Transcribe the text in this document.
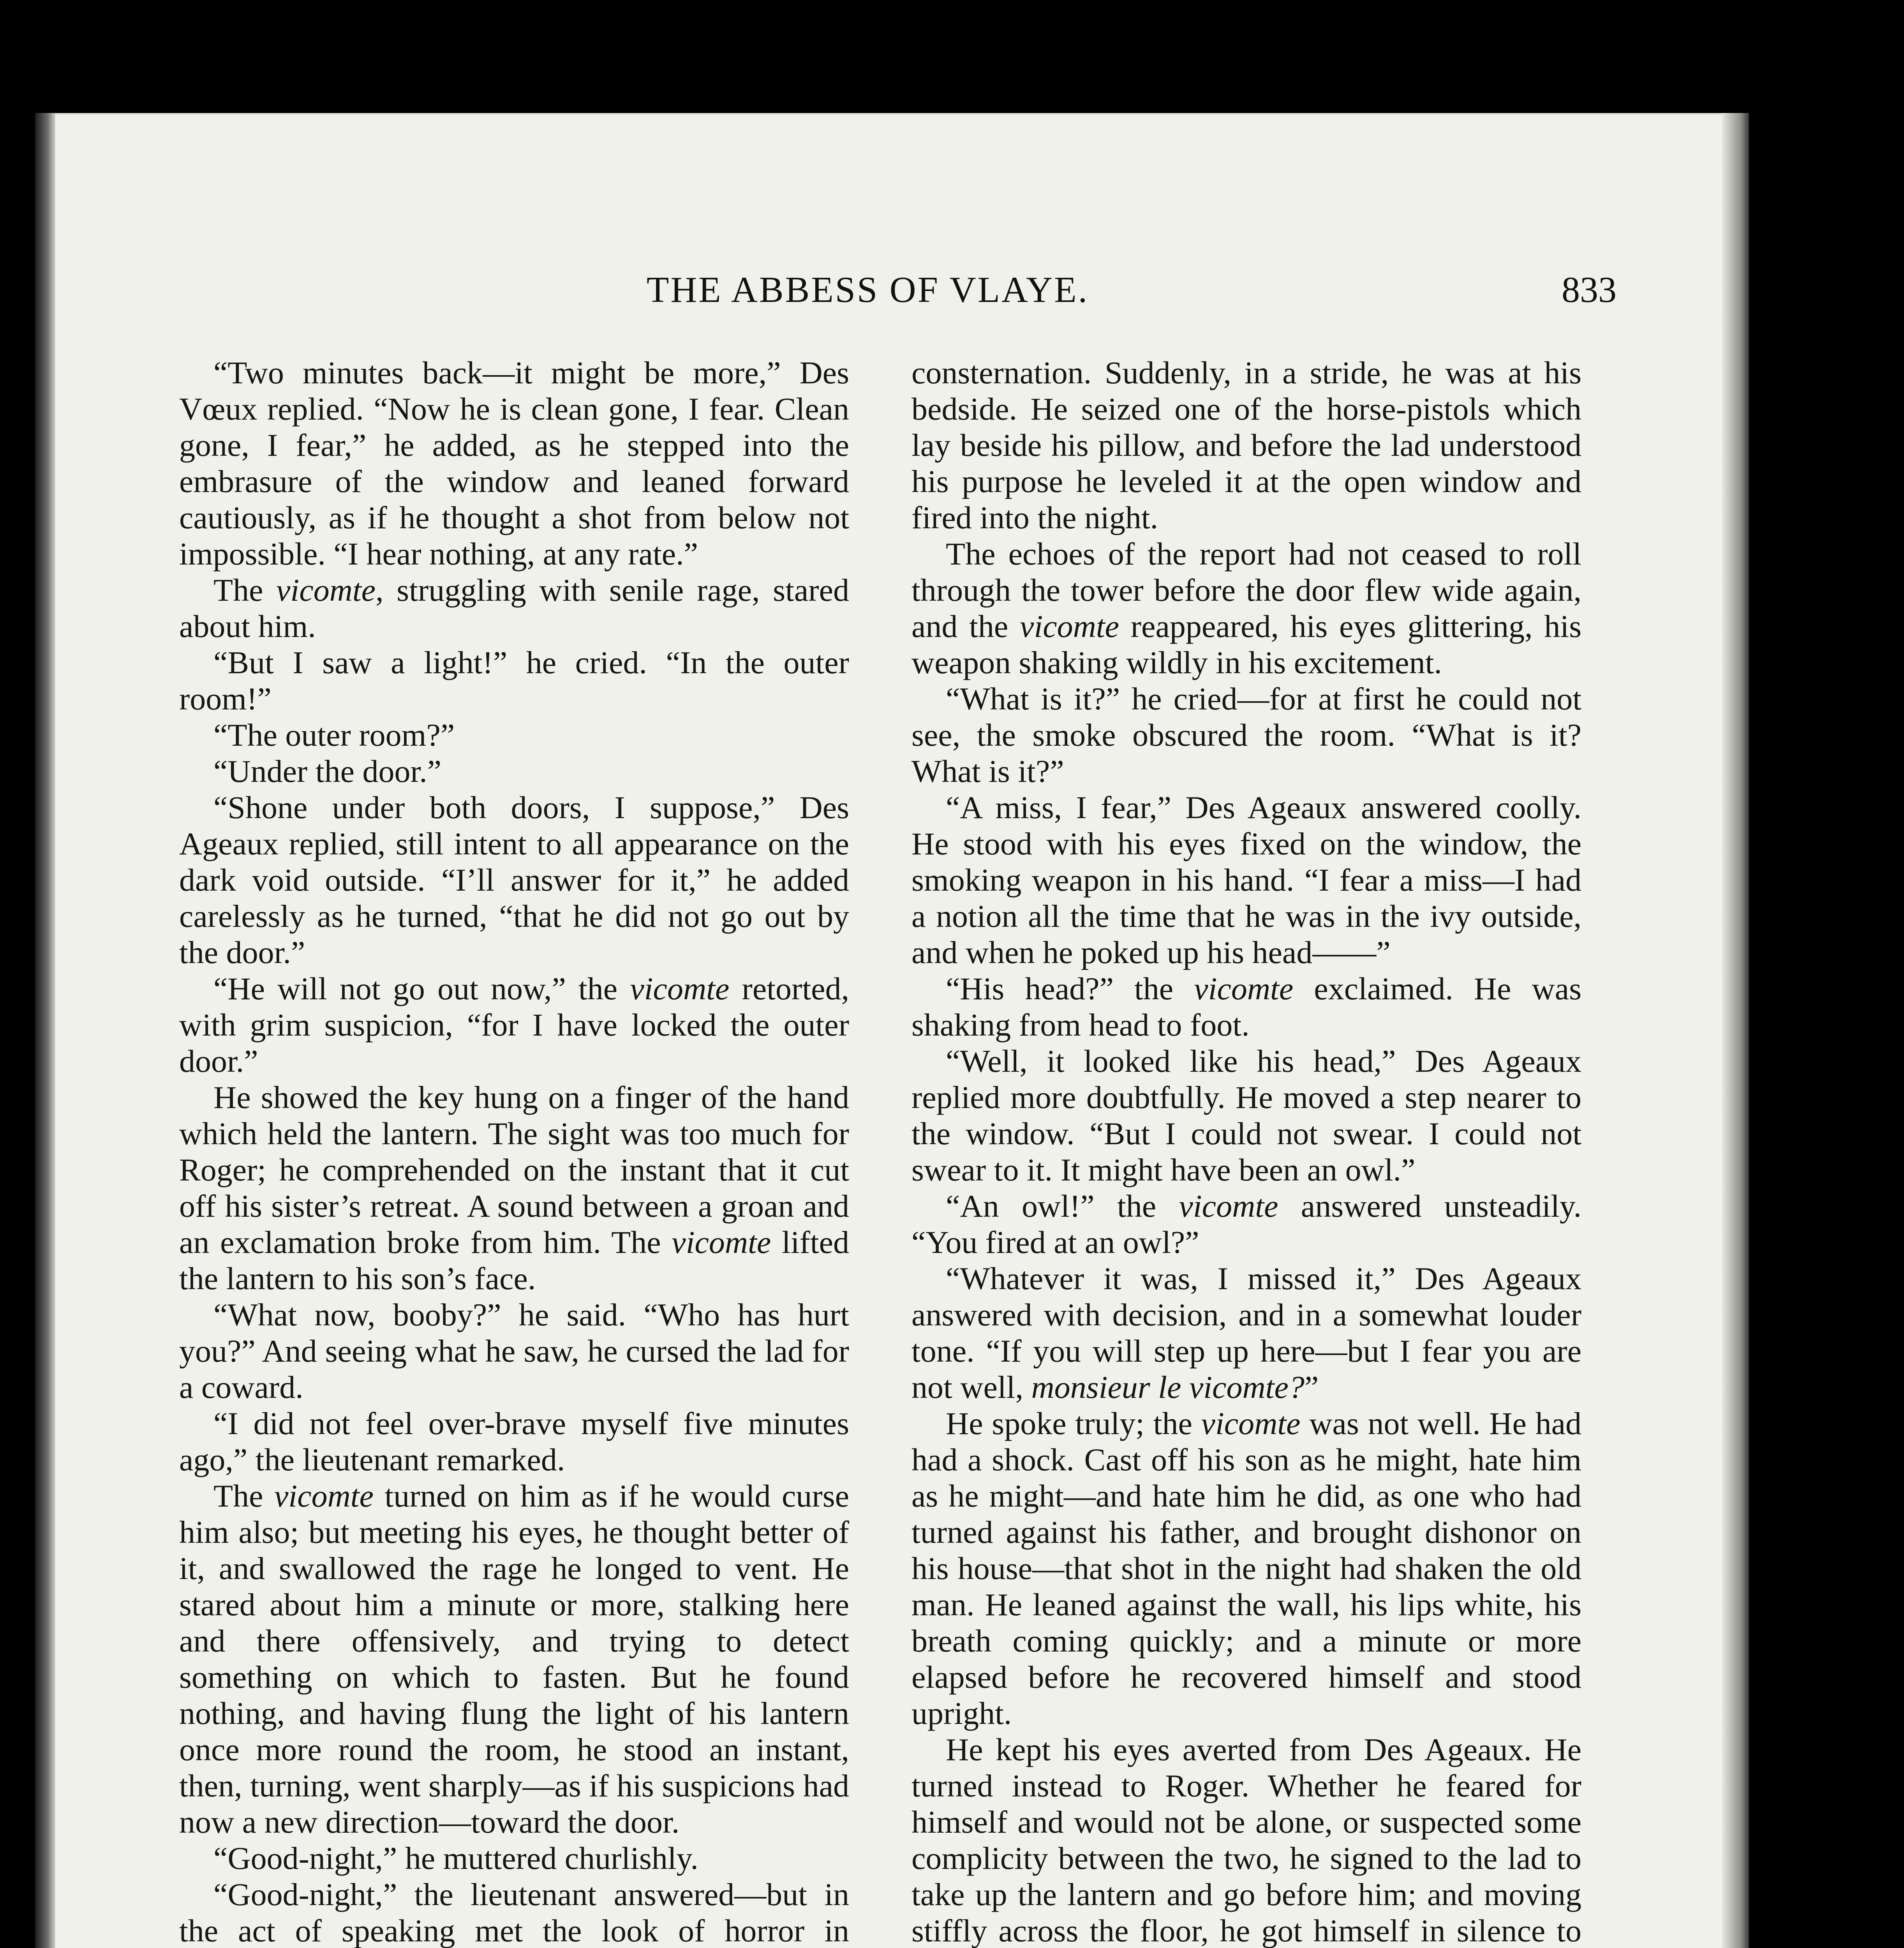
THE ABBESS OF VLAYE.	833

“Two minutes back—it might be more,” Des Vœux replied. “Now he is clean gone, I fear. Clean gone, I fear,” he added, as he stepped into the embrasure of the window and leaned forward cautiously, as if he thought a shot from below not impossible. “I hear nothing, at any rate.”

The vicomte, struggling with senile rage, stared about him.

“But I saw a light!” he cried. “In the outer room!”

“The outer room?”

“Under the door.”

“Shone under both doors, I suppose,” Des Ageaux replied, still intent to all appearance on the dark void outside. “I’ll answer for it,” he added carelessly as he turned, “that he did not go out by the door.”

“He will not go out now,” the vicomte retorted, with grim suspicion, “for I have locked the outer door.”

He showed the key hung on a finger of the hand which held the lantern. The sight was too much for Roger; he comprehended on the instant that it cut off his sister’s retreat. A sound between a groan and an exclamation broke from him. The vicomte lifted the lantern to his son’s face.

“What now, booby?” he said. “Who has hurt you?” And seeing what he saw, he cursed the lad for a coward.

“I did not feel over-brave myself five minutes ago,” the lieutenant remarked.

The vicomte turned on him as if he would curse him also; but meeting his eyes, he thought better of it, and swallowed the rage he longed to vent. He stared about him a minute or more, stalking here and there offensively, and trying to detect something on which to fasten. But he found nothing, and having flung the light of his lantern once more round the room, he stood an instant, then, turning, went sharply—as if his suspicions had now a new direction—toward the door.

“Good-night,” he muttered churlishly.

“Good-night,” the lieutenant answered—but in the act of speaking met the look of horror in

consternation. Suddenly, in a stride, he was at his bedside. He seized one of the horse-pistols which lay beside his pillow, and before the lad understood his purpose he leveled it at the open window and fired into the night.

The echoes of the report had not ceased to roll through the tower before the door flew wide again, and the vicomte reappeared, his eyes glittering, his weapon shaking wildly in his excitement.

“What is it?” he cried—for at first he could not see, the smoke obscured the room. “What is it? What is it?”

“A miss, I fear,” Des Ageaux answered coolly. He stood with his eyes fixed on the window, the smoking weapon in his hand. “I fear a miss—I had a notion all the time that he was in the ivy outside, and when he poked up his head——”

“His head?” the vicomte exclaimed. He was shaking from head to foot.

“Well, it looked like his head,” Des Ageaux replied more doubtfully. He moved a step nearer to the window. “But I could not swear. I could not swear to it. It might have been an owl.”

“An owl!” the vicomte answered unsteadily. “You fired at an owl?”

“Whatever it was, I missed it,” Des Ageaux answered with decision, and in a somewhat louder tone. “If you will step up here—but I fear you are not well, monsieur le vicomte?”

He spoke truly; the vicomte was not well. He had had a shock. Cast off his son as he might, hate him as he might—and hate him he did, as one who had turned against his father, and brought dishonor on his house—that shot in the night had shaken the old man. He leaned against the wall, his lips white, his breath coming quickly; and a minute or more elapsed before he recovered himself and stood upright.

He kept his eyes averted from Des Ageaux. He turned instead to Roger. Whether he feared for himself and would not be alone, or suspected some complicity between the two, he signed to the lad to take up the lantern and go before him; and moving stiffly across the floor, he got himself in silence to
